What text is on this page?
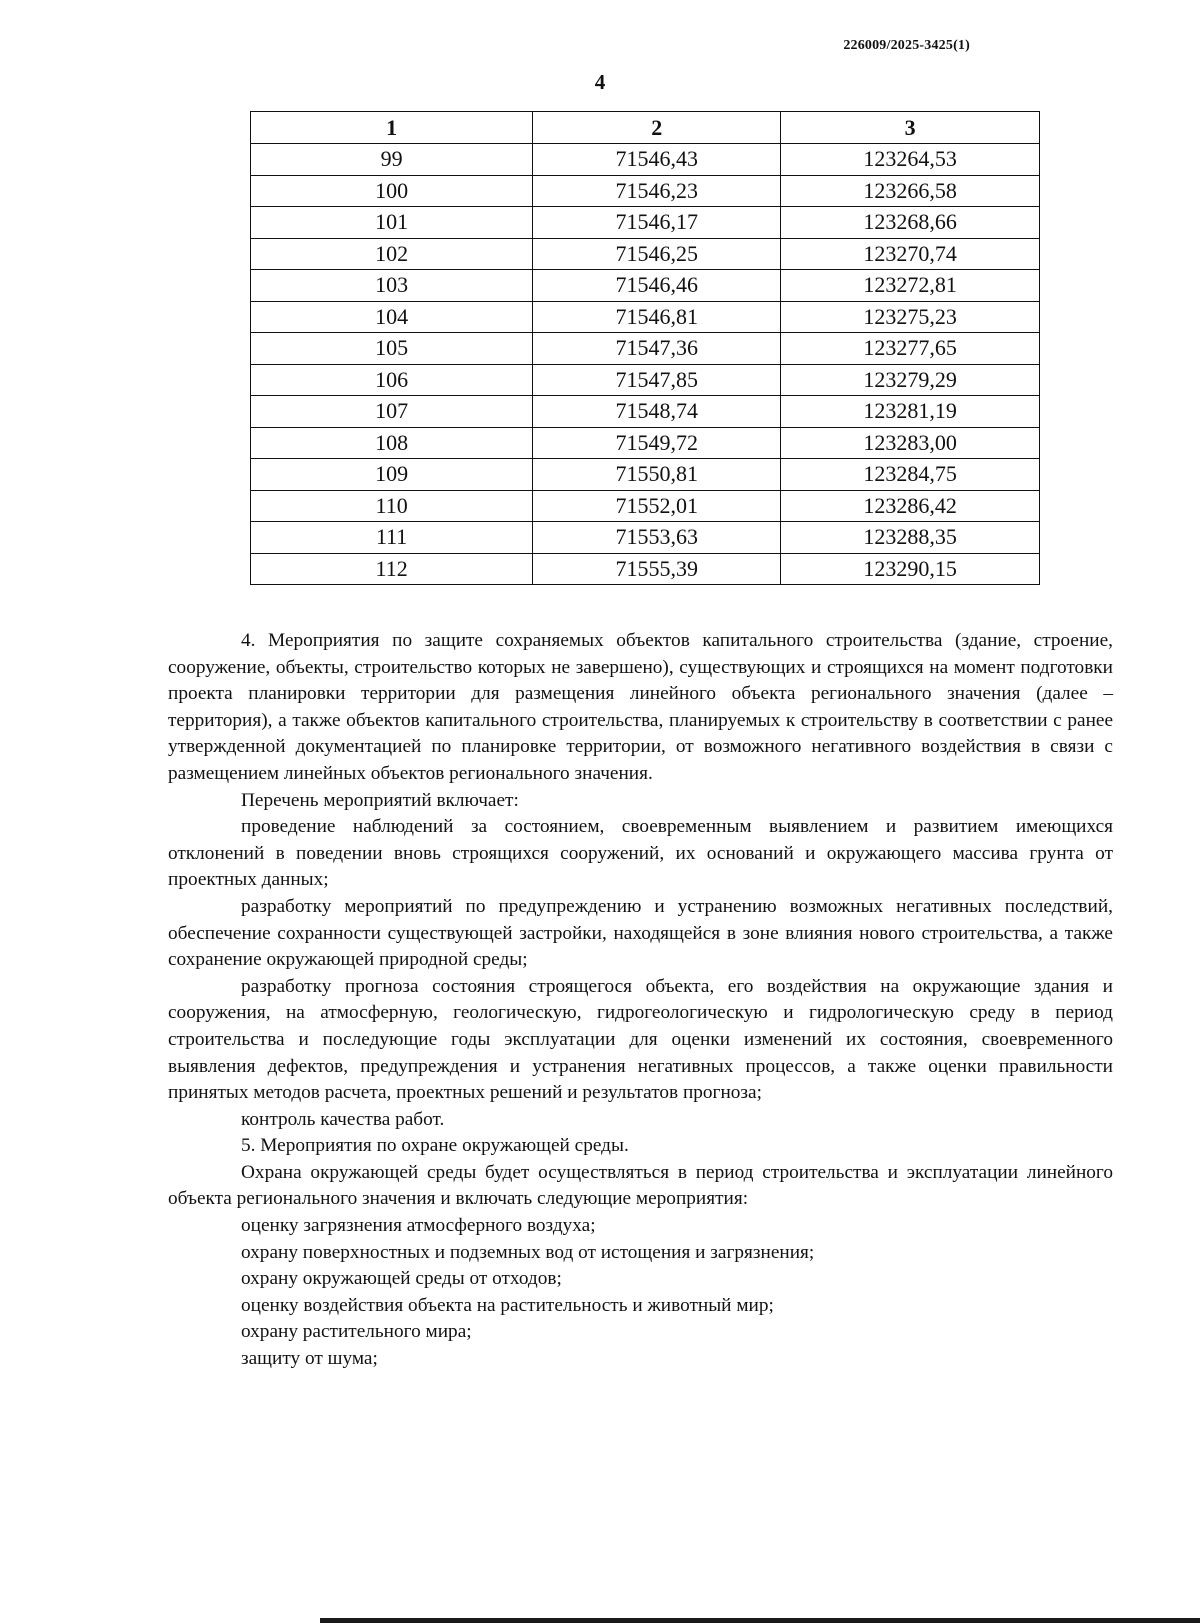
226009/2025-3425(1)
4
1	2	3
99	71546,43	123264,53
100	71546,23	123266,58
101	71546,17	123268,66
102	71546,25	123270,74
103	71546,46	123272,81
104	71546,81	123275,23
105	71547,36	123277,65
106	71547,85	123279,29
107	71548,74	123281,19
108	71549,72	123283,00
109	71550,81	123284,75
110	71552,01	123286,42
111	71553,63	123288,35
112	71555,39	123290,15

4. Мероприятия по защите сохраняемых объектов капитального строительства (здание, строение, сооружение, объекты, строительство которых не завершено), существующих и строящихся на момент подготовки проекта планировки территории для размещения линейного объекта регионального значения (далее – территория), а также объектов капитального строительства, планируемых к строительству в соответствии с ранее утвержденной документацией по планировке территории, от возможного негативного воздействия в связи с размещением линейных объектов регионального значения.

Перечень мероприятий включает:

проведение наблюдений за состоянием, своевременным выявлением и развитием имеющихся отклонений в поведении вновь строящихся сооружений, их оснований и окружающего массива грунта от проектных данных;

разработку мероприятий по предупреждению и устранению возможных негативных последствий, обеспечение сохранности существующей застройки, находящейся в зоне влияния нового строительства, а также сохранение окружающей природной среды;

разработку прогноза состояния строящегося объекта, его воздействия на окружающие здания и сооружения, на атмосферную, геологическую, гидрогеологическую и гидрологическую среду в период строительства и последующие годы эксплуатации для оценки изменений их состояния, своевременного выявления дефектов, предупреждения и устранения негативных процессов, а также оценки правильности принятых методов расчета, проектных решений и результатов прогноза;

контроль качества работ.

5. Мероприятия по охране окружающей среды.

Охрана окружающей среды будет осуществляться в период строительства и эксплуатации линейного объекта регионального значения и включать следующие мероприятия:

оценку загрязнения атмосферного воздуха;

охрану поверхностных и подземных вод от истощения и загрязнения;

охрану окружающей среды от отходов;

оценку воздействия объекта на растительность и животный мир;

охрану растительного мира;

защиту от шума;
